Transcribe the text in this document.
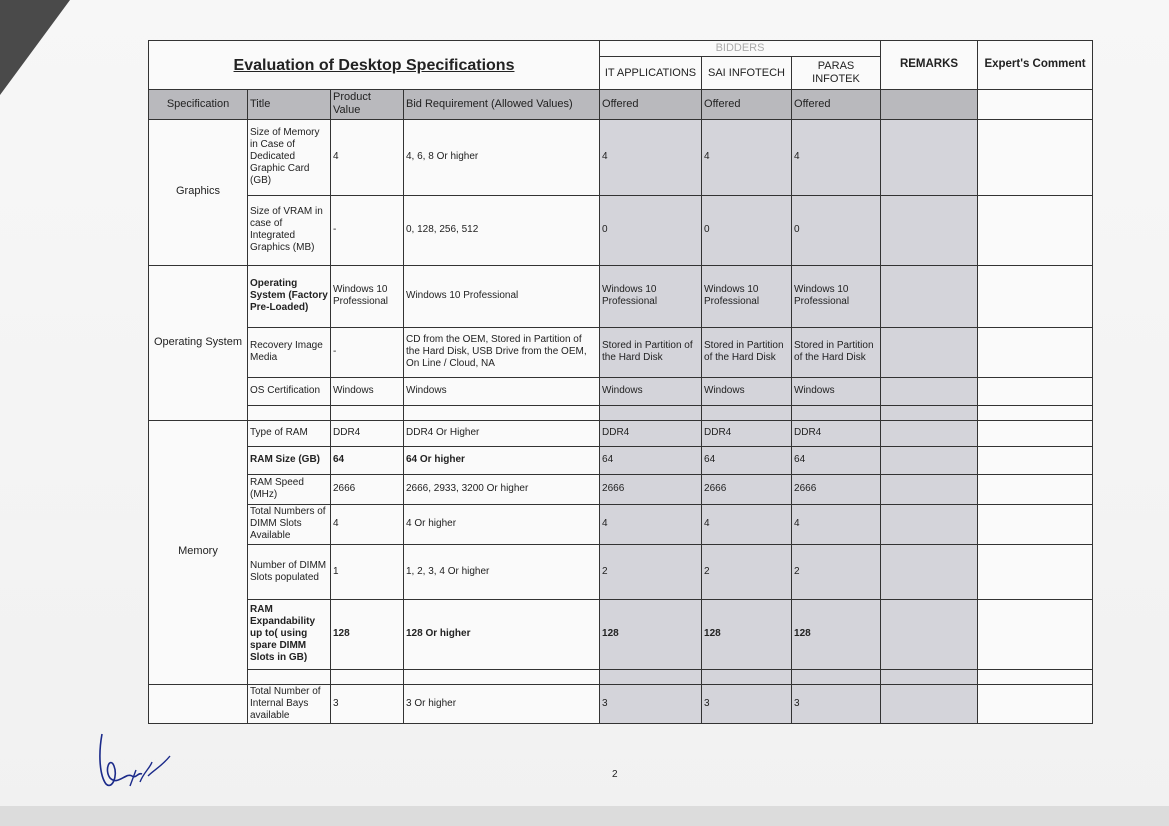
Evaluation of Desktop Specifications				BIDDERS			REMARKS	Expert's Comment
				IT APPLICATIONS	SAI INFOTECH	PARAS INFOTEK		
Specification	Title	Product Value	Bid Requirement (Allowed Values)	Offered	Offered	Offered		
Graphics	Size of Memory in Case of Dedicated Graphic Card (GB)	4	4, 6, 8 Or higher	4	4	4		
	Size of VRAM in case of Integrated Graphics (MB)	-	0, 128, 256, 512	0	0	0		
Operating System	Operating System (Factory Pre-Loaded)	Windows 10 Professional	Windows 10 Professional	Windows 10 Professional	Windows 10 Professional	Windows 10 Professional		
	Recovery Image Media	-	CD from the OEM, Stored in Partition of the Hard Disk, USB Drive from the OEM, On Line / Cloud, NA	Stored in Partition of the Hard Disk	Stored in Partition of the Hard Disk	Stored in Partition of the Hard Disk		
	OS Certification	Windows	Windows	Windows	Windows	Windows		

Memory	Type of RAM	DDR4	DDR4 Or Higher	DDR4	DDR4	DDR4		
	RAM Size (GB)	64	64 Or higher	64	64	64		
	RAM Speed (MHz)	2666	2666, 2933, 3200 Or higher	2666	2666	2666		
	Total Numbers of DIMM Slots Available	4	4 Or higher	4	4	4		
	Number of DIMM Slots populated	1	1, 2, 3, 4 Or higher	2	2	2		
	RAM Expandability up to( using spare DIMM Slots in GB)	128	128 Or higher	128	128	128		

	Total Number of Internal Bays available	3	3 Or higher	3	3	3		
2
